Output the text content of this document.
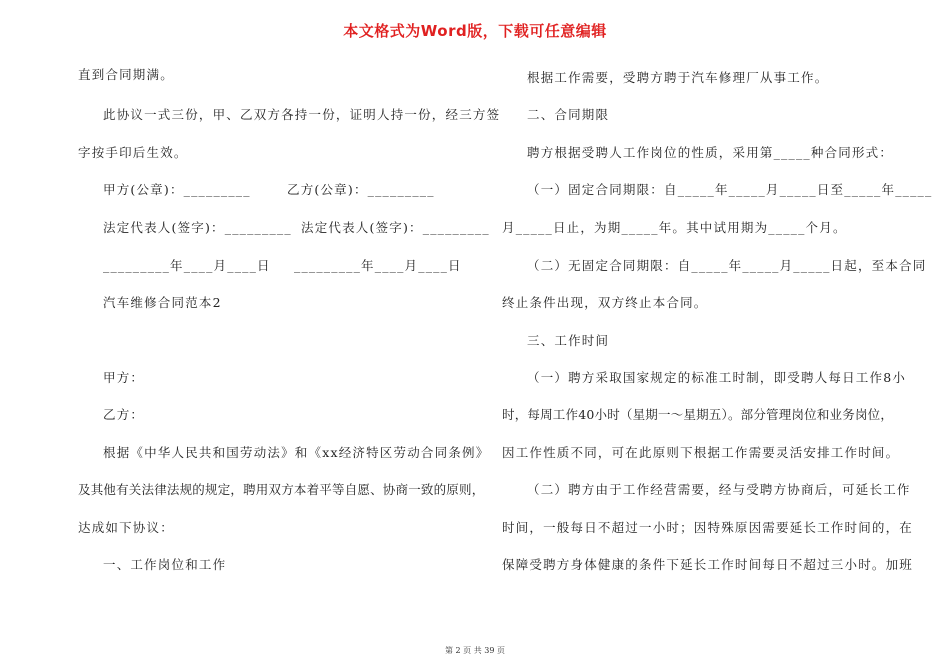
本文格式为Word版，下载可任意编辑
直到合同期满。
此协议一式三份，甲、乙双方各持一份，证明人持一份，经三方签
字按手印后生效。
甲方(公章)：_________	乙方(公章)：_________
法定代表人(签字)：_________ 法定代表人(签字)：_________
_________年____月____日 _________年____月____日
汽车维修合同范本2
甲方：
乙方：
根据《中华人民共和国劳动法》和《xx经济特区劳动合同条例》
及其他有关法律法规的规定，聘用双方本着平等自愿、协商一致的原则，
达成如下协议：
一、工作岗位和工作
根据工作需要，受聘方聘于汽车修理厂从事工作。
二、合同期限
聘方根据受聘人工作岗位的性质，采用第_____种合同形式：
（一）固定合同期限：自_____年_____月_____日至_____年_____
月_____日止，为期_____年。其中试用期为_____个月。
（二）无固定合同期限：自_____年_____月_____日起，至本合同
终止条件出现，双方终止本合同。
三、工作时间
（一）聘方采取国家规定的标准工时制，即受聘人每日工作8小
时，每周工作40小时（星期一～星期五）。部分管理岗位和业务岗位，
因工作性质不同，可在此原则下根据工作需要灵活安排工作时间。
（二）聘方由于工作经营需要，经与受聘方协商后，可延长工作
时间，一般每日不超过一小时；因特殊原因需要延长工作时间的，在
保障受聘方身体健康的条件下延长工作时间每日不超过三小时。加班
第 2 页 共 39 页
